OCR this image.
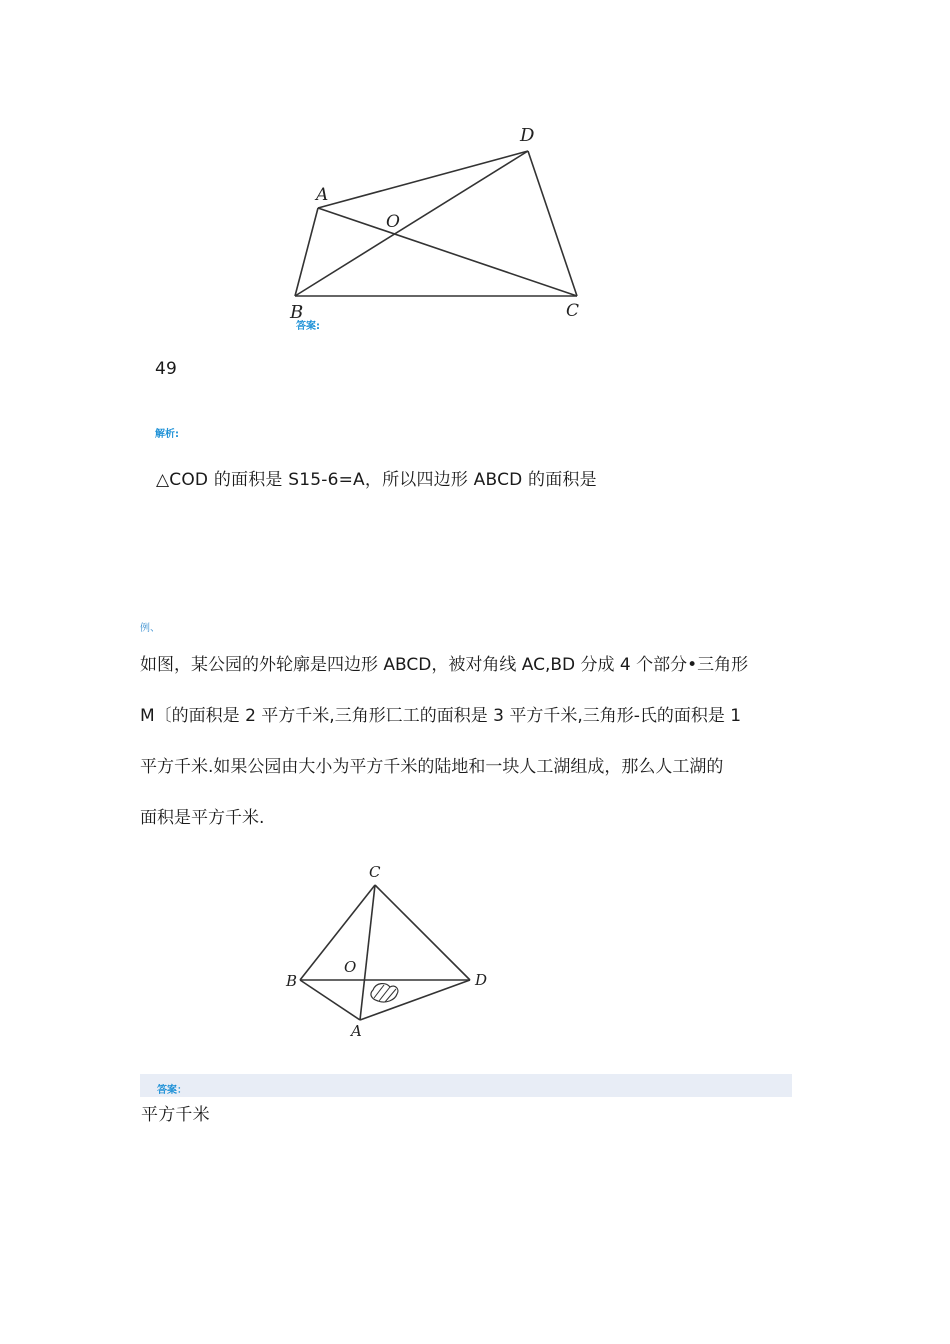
A
D
O
B	C
答案:
49
解析:
△COD 的面积是 S15-6=A，所以四边形 ABCD 的面积是
例、
如图，某公园的外轮廓是四边形 ABCD，被对角线 AC,BD 分成 4 个部分•三角形
M〔的面积是 2 平方千米,三角形匸工的面积是 3 平方千米,三角形-氏的面积是 1
平方千米.如果公园由大小为平方千米的陆地和一块人工湖组成，那么人工湖的
面积是平方千米.
C
B
O
D
A
答案：
平方千米
